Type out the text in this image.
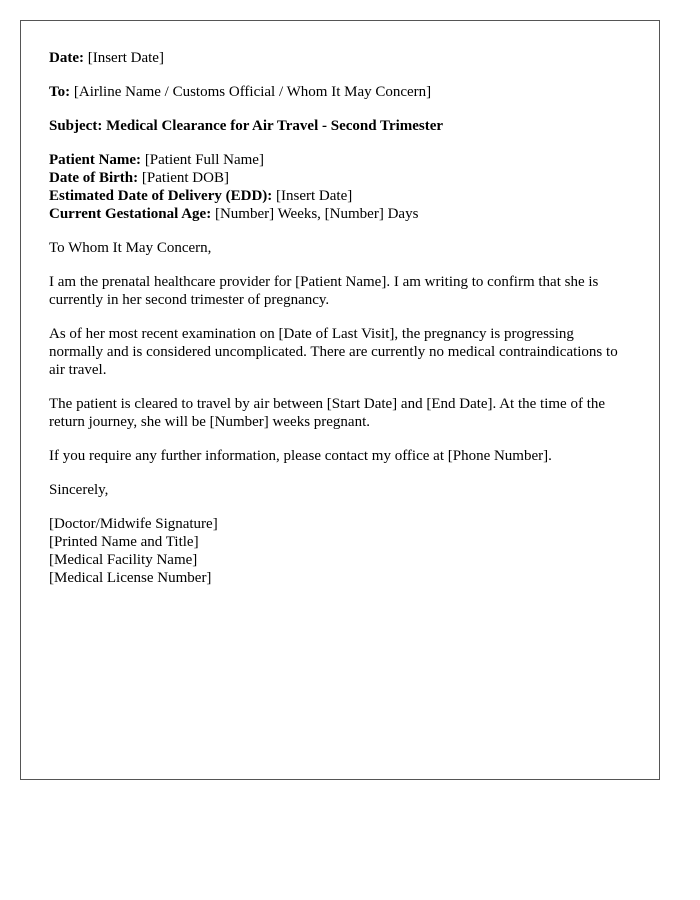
Date: [Insert Date]
To: [Airline Name / Customs Official / Whom It May Concern]
Subject: Medical Clearance for Air Travel - Second Trimester
Patient Name: [Patient Full Name]
Date of Birth: [Patient DOB]
Estimated Date of Delivery (EDD): [Insert Date]
Current Gestational Age: [Number] Weeks, [Number] Days

To Whom It May Concern,

I am the prenatal healthcare provider for [Patient Name]. I am writing to confirm that she is currently in her second trimester of pregnancy.

As of her most recent examination on [Date of Last Visit], the pregnancy is progressing normally and is considered uncomplicated. There are currently no medical contraindications to air travel.

The patient is cleared to travel by air between [Start Date] and [End Date]. At the time of the return journey, she will be [Number] weeks pregnant.

If you require any further information, please contact my office at [Phone Number].

Sincerely,

[Doctor/Midwife Signature]
[Printed Name and Title]
[Medical Facility Name]
[Medical License Number]
